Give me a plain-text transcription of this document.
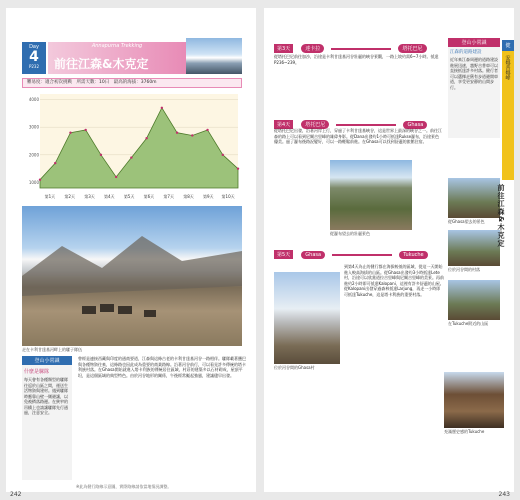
Day
4
P232
Annapurna Trekking
前往江森&木克定
難易度：適合初次挑戰　所需天數：10日　最高的海拔：3760m
4000
3000
2000
1000
第1天 第2天 第3天 第4天 第5天 第6天 第7天 第8天 第9天 第10天
走在卡利甘達基河畔上的騾子隊伍
登山小常識
什麼是騾隊
每天會有各種類型的騾隊往返於山區之間，運送生活物資與建材。遇到騾隊時應靠山壁一側避讓，以免被擠落路邊。在狹窄的吊橋上也請讓騾隊先行通過，注意安全。
曾經是連接西藏與印度的通商要道，江森與這條古老的卡利甘達基河谷一路相伴。騾隊載著鹽巴與各種物資往來，這條路也因此成為重要的商業路線。沿著河谷前行，可以看見許多傳統的塔卡利族村落。在Ghasa開始就進入塔卡利族的傳統居住區域，村莊的建築多以石材砌成，屋頂平坦，是這個區域的典型特色。由於河谷地形的關係，午後經常颳起強風，建議儘早出發。
※此為健行路線示意圖，實際路線請依當地情況調整。
242
第3天	達卡拉	塔托巴尼
從塔托巴尼前往加沙，沿途是卡利甘達基河谷壯麗的峽谷景觀，一路上坡約需6~7小時。抵達P236~239。
第4天	塔托巴尼	Ghasa
從塔托巴尼出發，沿著河岸上行，穿過了卡利甘達基峽谷，這是世界上最深的峽谷之一。前往江森的路上可以看到尼爾吉里峰的雄偉身影。從Dana出發約1小時可抵達Rukse瀑布，沿途景色優美。過了瀑布後路況變好，可以一路輕鬆前進。在Ghasa可以找到舒適的旅館住宿。
從瀑布望去的壯麗景色
第5天	Ghasa	Tukuche
位於河谷間的Ghasa村
到第4天為止的健行都在海拔較低的區域，從這一天開始進入較高海拔的山區。從Ghasa出發約3小時抵達Lete村，沿途可以欣賞道拉吉里峰與尼爾吉里峰的美景。再前進約2小時即可抵達Kalopani，這裡有許多舒適的山屋。從Kalopani出發穿過森林抵達Larjung，再走一小時即可抵達Tukuche，這是塔卡利族的重要村落。
登山小常識
江森的道路建設
近年來江森周邊的道路建設進展迅速，越野吉普車可以直接抵達許多村落。健行者可以選擇走舊有步道避開車道，享受更安靜的山間步行。
從Ghasa望去的景色
位於河谷間的村落
在Tukuche附近的山區
充滿歷史感的Tukuche
前往江森&木克定
243
健
安娜普娜峰
